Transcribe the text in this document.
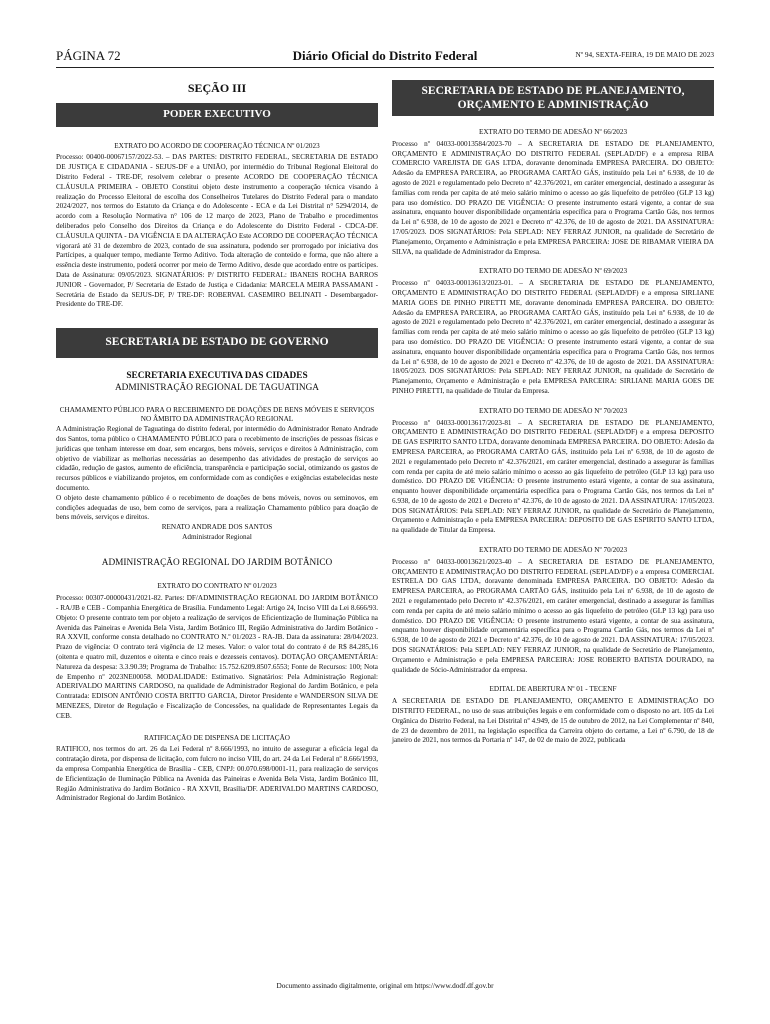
PÁGINA 72	Diário Oficial do Distrito Federal	Nº 94, SEXTA-FEIRA, 19 DE MAIO DE 2023
SEÇÃO III
PODER EXECUTIVO
EXTRATO DO ACORDO DE COOPERAÇÃO TÉCNICA Nº 01/2023

Processo: 00400-00067157/2022-53. – DAS PARTES: DISTRITO FEDERAL, SECRETARIA DE ESTADO DE JUSTIÇA E CIDADANIA - SEJUS-DF e a UNIÃO, por intermédio do Tribunal Regional Eleitoral do Distrito Federal - TRE-DF, resolvem celebrar o presente ACORDO DE COOPERAÇÃO TÉCNICA CLÁUSULA PRIMEIRA - OBJETO Constitui objeto deste instrumento a cooperação técnica visando à realização do Processo Eleitoral de escolha dos Conselheiros Tutelares do Distrito Federal para o mandato 2024/2027, nos termos do Estatuto da Criança e do Adolescente - ECA e da Lei Distrital n° 5294/2014, de acordo com a Resolução Normativa n° 106 de 12 março de 2023, Plano de Trabalho e procedimentos deliberados pelo Conselho dos Direitos da Criança e do Adolescente do Distrito Federal - CDCA-DF. CLÁUSULA QUINTA - DA VIGÊNCIA E DA ALTERAÇÃO Este ACORDO DE COOPERAÇÃO TÉCNICA vigorará até 31 de dezembro de 2023, contado de sua assinatura, podendo ser prorrogado por iniciativa dos Partícipes, a qualquer tempo, mediante Termo Aditivo. Toda alteração de conteúdo e forma, que não altere a essência deste instrumento, poderá ocorrer por meio de Termo Aditivo, desde que acordado entre os partícipes. Data de Assinatura: 09/05/2023. SIGNATÁRIOS: P/ DISTRITO FEDERAL: IBANEIS ROCHA BARROS JUNIOR - Governador, P/ Secretaria de Estado de Justiça e Cidadania: MARCELA MEIRA PASSAMANI - Secretária de Estado da SEJUS-DF, P/ TRE-DF: ROBERVAL CASEMIRO BELINATI - Desembargador- Presidente do TRE-DF.

SECRETARIA DE ESTADO DE GOVERNO
SECRETARIA EXECUTIVA DAS CIDADES
ADMINISTRAÇÃO REGIONAL DE TAGUATINGA
CHAMAMENTO PÚBLICO PARA O RECEBIMENTO DE DOAÇÕES DE BENS MÓVEIS E SERVIÇOS NO ÂMBITO DA ADMINISTRAÇÃO REGIONAL

A Administração Regional de Taguatinga do distrito federal, por intermédio do Administrador Renato Andrade dos Santos, torna público o CHAMAMENTO PÚBLICO para o recebimento de inscrições de pessoas físicas e jurídicas que tenham interesse em doar, sem encargos, bens móveis, serviços e direitos à Administração, com objetivo de viabilizar as melhorias necessárias ao desempenho das atividades de prestação de serviços ao cidadão, redução de gastos, aumento de eficiência, transparência e participação social, otimizando os gastos de recursos públicos e viabilizando projetos, em conformidade com as condições e exigências estabelecidas neste documento.

O objeto deste chamamento público é o recebimento de doações de bens móveis, novos ou seminovos, em condições adequadas de uso, bem como de serviços, para a realização Chamamento público para doação de bens móveis, serviços e direitos.

RENATO ANDRADE DOS SANTOS
Administrador Regional
ADMINISTRAÇÃO REGIONAL DO JARDIM BOTÂNICO
EXTRATO DO CONTRATO Nº 01/2023

Processo: 00307-00000431/2021-82. Partes: DF/ADMINISTRAÇÃO REGIONAL DO JARDIM BOTÂNICO - RA/JB e CEB - Companhia Energética de Brasília. Fundamento Legal: Artigo 24, Inciso VIII da Lei 8.666/93. Objeto: O presente contrato tem por objeto a realização de serviços de Eficientização de Iluminação Pública na Avenida das Paineiras e Avenida Bela Vista, Jardim Botânico III, Região Administrativa do Jardim Botânico - RA XXVII, conforme consta detalhado no CONTRATO N.º 01/2023 - RA-JB. Data da assinatura: 28/04/2023. Prazo de vigência: O contrato terá vigência de 12 meses. Valor: o valor total do contrato é de R$ 84.285,16 (oitenta e quatro mil, duzentos e oitenta e cinco reais e dezesseis centavos). DOTAÇÃO ORÇAMENTÁRIA: Natureza da despesa: 3.3.90.39; Programa de Trabalho: 15.752.6209.8507.6553; Fonte de Recursos: 100; Nota de Empenho nº 2023NE00058. MODALIDADE: Estimativo. Signatários: Pela Administração Regional: ADERIVALDO MARTINS CARDOSO, na qualidade de Administrador Regional do Jardim Botânico, e pela Contratada: EDISON ANTÔNIO COSTA BRITTO GARCIA, Diretor Presidente e WANDERSON SILVA DE MENEZES, Diretor de Regulação e Fiscalização de Concessões, na qualidade de Representantes Legais da CEB.

RATIFICAÇÃO DE DISPENSA DE LICITAÇÃO

RATIFICO, nos termos do art. 26 da Lei Federal nº 8.666/1993, no intuito de assegurar a eficácia legal da contratação direta, por dispensa de licitação, com fulcro no inciso VIII, do art. 24 da Lei Federal nº 8.666/1993, da empresa Companhia Energética de Brasília - CEB, CNPJ: 00.070.698/0001-11, para realização de serviços de Eficientização de Iluminação Pública na Avenida das Paineiras e Avenida Bela Vista, Jardim Botânico III, Região Administrativa do Jardim Botânico - RA XXVII, Brasília/DF. ADERIVALDO MARTINS CARDOSO, Administrador Regional do Jardim Botânico.

SECRETARIA DE ESTADO DE PLANEJAMENTO, ORÇAMENTO E ADMINISTRAÇÃO
EXTRATO DO TERMO DE ADESÃO Nº 66/2023

Processo nº 04033-00013584/2023-70 – A SECRETARIA DE ESTADO DE PLANEJAMENTO, ORÇAMENTO E ADMINISTRAÇÃO DO DISTRITO FEDERAL (SEPLAD/DF) e a empresa RIBA COMERCIO VAREJISTA DE GAS LTDA, doravante denominada EMPRESA PARCEIRA. DO OBJETO: Adesão da EMPRESA PARCEIRA, ao PROGRAMA CARTÃO GÁS, instituído pela Lei nº 6.938, de 10 de agosto de 2021 e regulamentado pelo Decreto nº 42.376/2021, em caráter emergencial, destinado a assegurar às famílias com renda per capita de até meio salário mínimo o acesso ao gás liquefeito de petróleo (GLP 13 kg) para uso doméstico. DO PRAZO DE VIGÊNCIA: O presente instrumento estará vigente, a contar de sua assinatura, enquanto houver disponibilidade orçamentária específica para o Programa Cartão Gás, nos termos da Lei nº 6.938, de 10 de agosto de 2021 e Decreto nº 42.376, de 10 de agosto de 2021. DA ASSINATURA: 17/05/2023. DOS SIGNATÁRIOS: Pela SEPLAD: NEY FERRAZ JUNIOR, na qualidade de Secretário de Planejamento, Orçamento e Administração e pela EMPRESA PARCEIRA: JOSE DE RIBAMAR VIEIRA DA SILVA, na qualidade de Administrador da Empresa.

EXTRATO DO TERMO DE ADESÃO Nº 69/2023

Processo nº 04033-00013613/2023-01. – A SECRETARIA DE ESTADO DE PLANEJAMENTO, ORÇAMENTO E ADMINISTRAÇÃO DO DISTRITO FEDERAL (SEPLAD/DF) e a empresa SIRLIANE MARIA GOES DE PINHO PIRETTI ME, doravante denominada EMPRESA PARCEIRA. DO OBJETO: Adesão da EMPRESA PARCEIRA, ao PROGRAMA CARTÃO GÁS, instituído pela Lei nº 6.938, de 10 de agosto de 2021 e regulamentado pelo Decreto nº 42.376/2021, em caráter emergencial, destinado a assegurar às famílias com renda per capita de até meio salário mínimo o acesso ao gás liquefeito de petróleo (GLP 13 kg) para uso doméstico. DO PRAZO DE VIGÊNCIA: O presente instrumento estará vigente, a contar de sua assinatura, enquanto houver disponibilidade orçamentária específica para o Programa Cartão Gás, nos termos da Lei nº 6.938, de 10 de agosto de 2021 e Decreto nº 42.376, de 10 de agosto de 2021. DA ASSINATURA: 18/05/2023. DOS SIGNATÁRIOS: Pela SEPLAD: NEY FERRAZ JUNIOR, na qualidade de Secretário de Planejamento, Orçamento e Administração e pela EMPRESA PARCEIRA: SIRLIANE MARIA GOES DE PINHO PIRETTI, na qualidade de Titular da Empresa.

EXTRATO DO TERMO DE ADESÃO Nº 70/2023

Processo nº 04033-00013617/2023-81 – A SECRETARIA DE ESTADO DE PLANEJAMENTO, ORÇAMENTO E ADMINISTRAÇÃO DO DISTRITO FEDERAL (SEPLAD/DF) e a empresa DEPOSITO DE GAS ESPIRITO SANTO LTDA, doravante denominada EMPRESA PARCEIRA. DO OBJETO: Adesão da EMPRESA PARCEIRA, ao PROGRAMA CARTÃO GÁS, instituído pela Lei nº 6.938, de 10 de agosto de 2021 e regulamentado pelo Decreto nº 42.376/2021, em caráter emergencial, destinado a assegurar às famílias com renda per capita de até meio salário mínimo o acesso ao gás liquefeito de petróleo (GLP 13 kg) para uso doméstico. DO PRAZO DE VIGÊNCIA: O presente instrumento estará vigente, a contar de sua assinatura, enquanto houver disponibilidade orçamentária específica para o Programa Cartão Gás, nos termos da Lei nº 6.938, de 10 de agosto de 2021 e Decreto nº 42.376, de 10 de agosto de 2021. DA ASSINATURA: 17/05/2023. DOS SIGNATÁRIOS: Pela SEPLAD: NEY FERRAZ JUNIOR, na qualidade de Secretário de Planejamento, Orçamento e Administração e pela EMPRESA PARCEIRA: DEPOSITO DE GAS ESPIRITO SANTO LTDA, na qualidade de Titular da Empresa.

EXTRATO DO TERMO DE ADESÃO Nº 70/2023

Processo nº 04033-00013621/2023-40 – A SECRETARIA DE ESTADO DE PLANEJAMENTO, ORÇAMENTO E ADMINISTRAÇÃO DO DISTRITO FEDERAL (SEPLAD/DF) e a empresa COMERCIAL ESTRELA DO GAS LTDA, doravante denominada EMPRESA PARCEIRA. DO OBJETO: Adesão da EMPRESA PARCEIRA, ao PROGRAMA CARTÃO GÁS, instituído pela Lei nº 6.938, de 10 de agosto de 2021 e regulamentado pelo Decreto nº 42.376/2021, em caráter emergencial, destinado a assegurar às famílias com renda per capita de até meio salário mínimo o acesso ao gás liquefeito de petróleo (GLP 13 kg) para uso doméstico. DO PRAZO DE VIGÊNCIA: O presente instrumento estará vigente, a contar de sua assinatura, enquanto houver disponibilidade orçamentária específica para o Programa Cartão Gás, nos termos da Lei nº 6.938, de 10 de agosto de 2021 e Decreto nº 42.376, de 10 de agosto de 2021. DA ASSINATURA: 17/05/2023. DOS SIGNATÁRIOS: Pela SEPLAD: NEY FERRAZ JUNIOR, na qualidade de Secretário de Planejamento, Orçamento e Administração e pela EMPRESA PARCEIRA: JOSE ROBERTO BATISTA DOURADO, na qualidade de Sócio-Administrador da empresa.

EDITAL DE ABERTURA Nº 01 - TECENF

A SECRETARIA DE ESTADO DE PLANEJAMENTO, ORÇAMENTO E ADMINISTRAÇÃO DO DISTRITO FEDERAL, no uso de suas atribuições legais e em conformidade com o disposto no art. 105 da Lei Orgânica do Distrito Federal, na Lei Distrital nº 4.949, de 15 de outubro de 2012, na Lei Complementar nº 840, de 23 de dezembro de 2011, na legislação específica da Carreira objeto do certame, a Lei nº 6.790, de 18 de janeiro de 2021, nos termos da Portaria nº 147, de 02 de maio de 2022, publicada

Documento assinado digitalmente, original em https://www.dodf.df.gov.br
